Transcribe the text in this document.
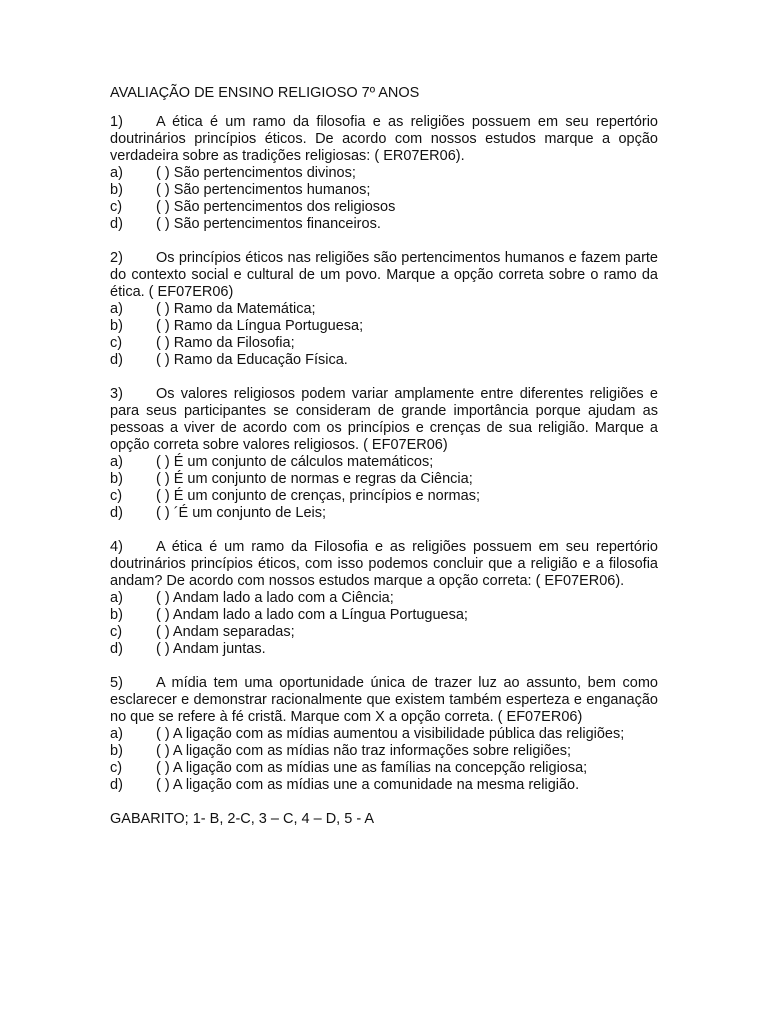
AVALIAÇÃO DE ENSINO RELIGIOSO 7º ANOS
1) A ética é um ramo da filosofia e as religiões possuem em seu repertório doutrinários princípios éticos. De acordo com nossos estudos marque a opção verdadeira sobre as tradições religiosas: ( ER07ER06).
a)	( ) São pertencimentos divinos;
b)	( ) São pertencimentos humanos;
c)	( ) São pertencimentos dos religiosos
d)	( ) São pertencimentos financeiros.
2) Os princípios éticos nas religiões são pertencimentos humanos e fazem parte do contexto social e cultural de um povo. Marque a opção correta sobre o ramo da ética. ( EF07ER06)
a)	( ) Ramo da Matemática;
b)	( ) Ramo da Língua Portuguesa;
c)	( ) Ramo da Filosofia;
d)	( ) Ramo da Educação Física.
3) Os valores religiosos podem variar amplamente entre diferentes religiões e para seus participantes se consideram de grande importância porque ajudam as pessoas a viver de acordo com os princípios e crenças de sua religião. Marque a opção correta sobre valores religiosos. ( EF07ER06)
a)	( ) É um conjunto de cálculos matemáticos;
b)	( ) É um conjunto de normas e regras da Ciência;
c)	( ) É um conjunto de crenças, princípios e normas;
d)	( ) ´É um conjunto de Leis;
4) A ética é um ramo da Filosofia e as religiões possuem em seu repertório doutrinários princípios éticos, com isso podemos concluir que a religião e a filosofia andam? De acordo com nossos estudos marque a opção correta: ( EF07ER06).
a)	( ) Andam lado a lado com a Ciência;
b)	( ) Andam lado a lado com a Língua Portuguesa;
c)	( ) Andam separadas;
d)	( ) Andam juntas.
5) A mídia tem uma oportunidade única de trazer luz ao assunto, bem como esclarecer e demonstrar racionalmente que existem também esperteza e enganação no que se refere à fé cristã. Marque com X a opção correta. ( EF07ER06)
a)	( ) A ligação com as mídias aumentou a visibilidade pública das religiões;
b)	( ) A ligação com as mídias não traz informações sobre religiões;
c)	( ) A ligação com as mídias une as famílias na concepção religiosa;
d)	( ) A ligação com as mídias une a comunidade na mesma religião.
GABARITO; 1- B, 2-C, 3 – C, 4 – D, 5 - A
